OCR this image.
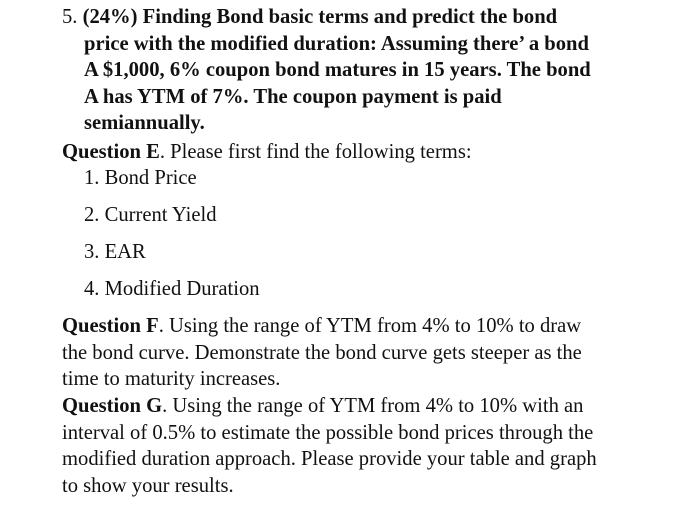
5. (24%) Finding Bond basic terms and predict the bond
price with the modified duration: Assuming there’ a bond
A $1,000, 6% coupon bond matures in 15 years. The bond
A has YTM of 7%. The coupon payment is paid
semiannually.
Question E. Please first find the following terms:
1. Bond Price
2. Current Yield
3. EAR
4. Modified Duration
Question F. Using the range of YTM from 4% to 10% to draw
the bond curve. Demonstrate the bond curve gets steeper as the
time to maturity increases.
Question G. Using the range of YTM from 4% to 10% with an
interval of 0.5% to estimate the possible bond prices through the
modified duration approach. Please provide your table and graph
to show your results.
